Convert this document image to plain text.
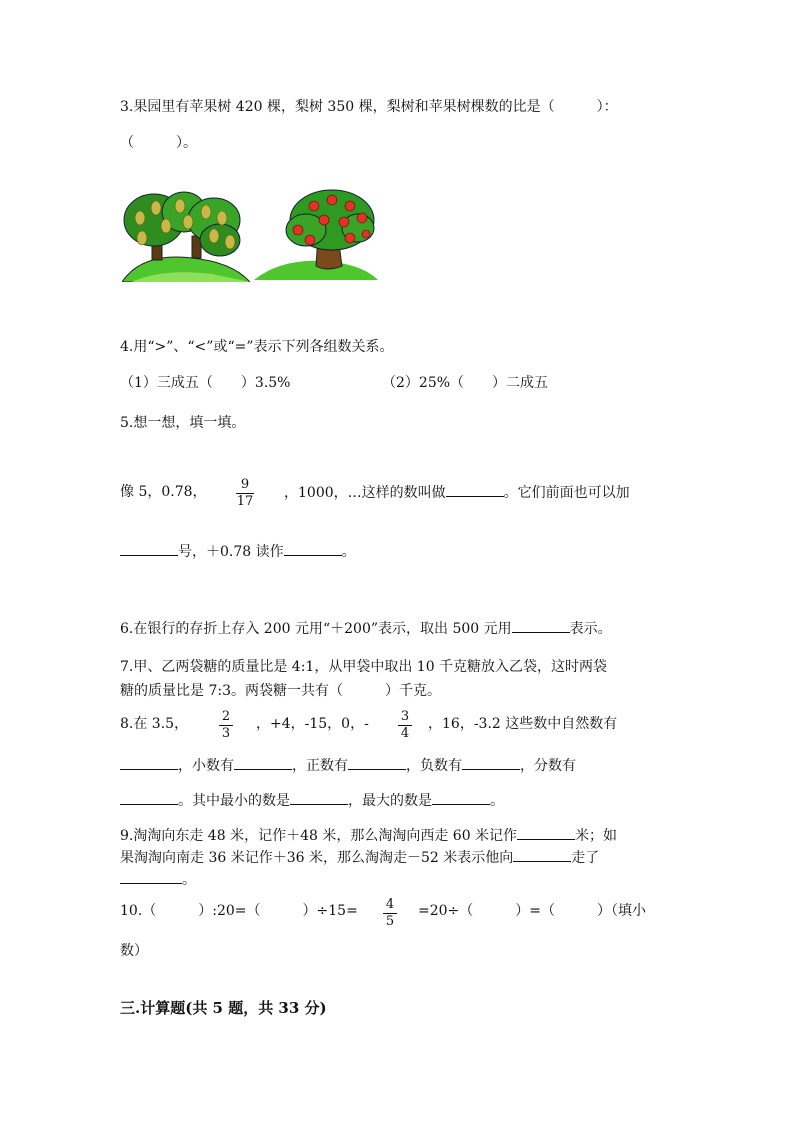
3.果园里有苹果树 420 棵，梨树 350 棵，梨树和苹果树棵数的比是（　　　）：
（　　　）。
4.用“>”、“<”或“=”表示下列各组数关系。
（1）三成五（　　）3.5%	（2）25%（　　）二成五
5.想一想，填一填。
像 5，0.78，	9
17
，1000，…这样的数叫做	。它们前面也可以加
号，＋0.78 读作	。
6.在银行的存折上存入 200 元用“＋200”表示，取出 500 元用	表示。
7.甲、乙两袋糖的质量比是 4:1，从甲袋中取出 10 千克糖放入乙袋，这时两袋
糖的质量比是 7:3。两袋糖一共有（　　　）千克。
8.在 3.5，	2
3
，+4，-15，0，- 3
4
，16，-3.2 这些数中自然数有
，小数有	，正数有	，负数有	，分数有
。其中最小的数是	，最大的数是	。
9.淘淘向东走 48 米，记作＋48 米，那么淘淘向西走 60 米记作	米；如
果淘淘向南走 36 米记作＋36 米，那么淘淘走－52 米表示他向	走了
。
10.（　　　）:20=（　　　）÷15= 4
5
=20÷（　　　）=（　　　）（填小
数）
三.计算题(共 5 题，共 33 分)
